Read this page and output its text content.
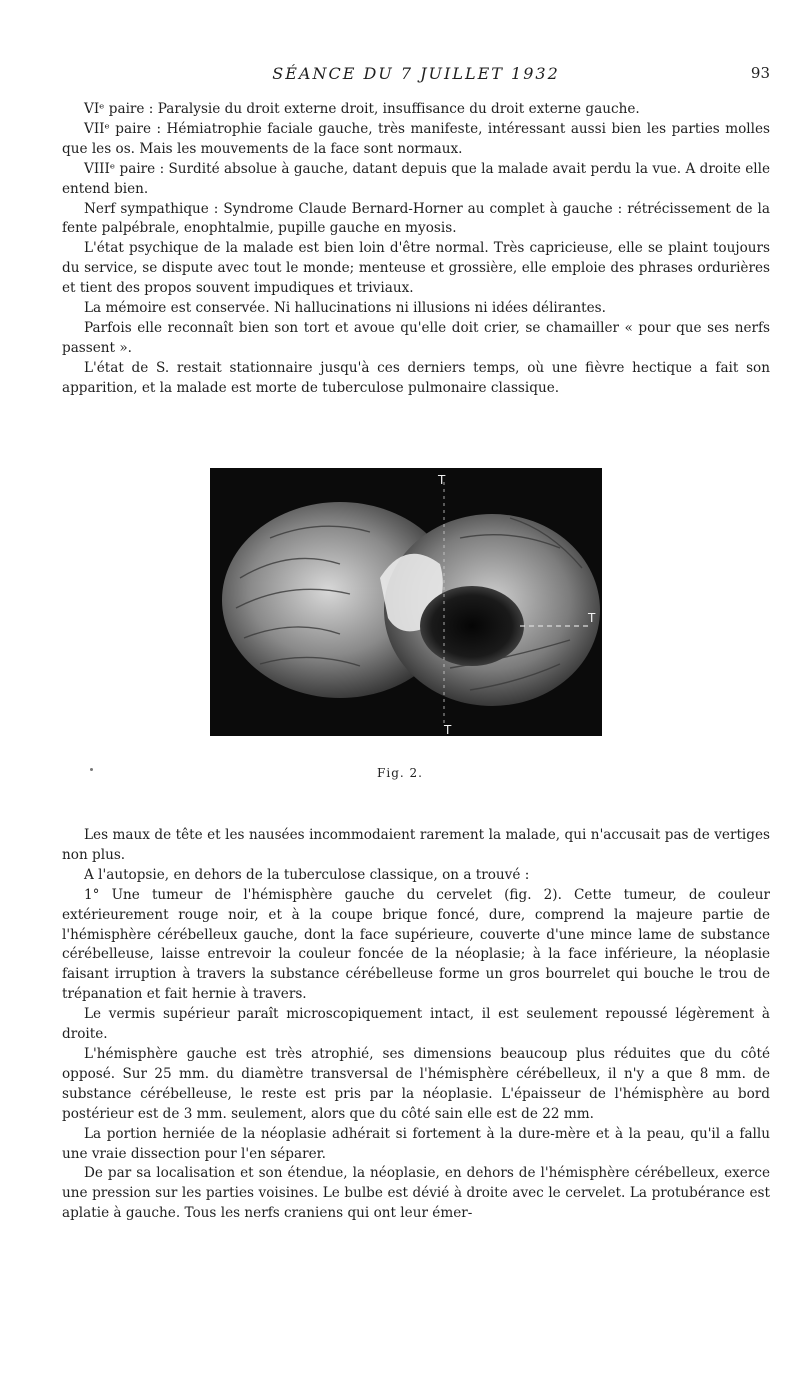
SÉANCE DU 7 JUILLET 1932	93

VIᵉ paire : Paralysie du droit externe droit, insuffisance du droit externe gauche.

VIIᵉ paire : Hémiatrophie faciale gauche, très manifeste, intéressant aussi bien les parties molles que les os. Mais les mouvements de la face sont normaux.

VIIIᵉ paire : Surdité absolue à gauche, datant depuis que la malade avait perdu la vue. A droite elle entend bien.

Nerf sympathique : Syndrome Claude Bernard-Horner au complet à gauche : rétrécissement de la fente palpébrale, enophtalmie, pupille gauche en myosis.

L'état psychique de la malade est bien loin d'être normal. Très capricieuse, elle se plaint toujours du service, se dispute avec tout le monde; menteuse et grossière, elle emploie des phrases ordurières et tient des propos souvent impudiques et triviaux.

La mémoire est conservée. Ni hallucinations ni illusions ni idées délirantes.

Parfois elle reconnaît bien son tort et avoue qu'elle doit crier, se chamailler « pour que ses nerfs passent ».

L'état de S. restait stationnaire jusqu'à ces derniers temps, où une fièvre hectique a fait son apparition, et la malade est morte de tuberculose pulmonaire classique.

T
T
T
Fig. 2.

Les maux de tête et les nausées incommodaient rarement la malade, qui n'accusait pas de vertiges non plus.

A l'autopsie, en dehors de la tuberculose classique, on a trouvé :

1° Une tumeur de l'hémisphère gauche du cervelet (fig. 2). Cette tumeur, de couleur extérieurement rouge noir, et à la coupe brique foncé, dure, comprend la majeure partie de l'hémisphère cérébelleux gauche, dont la face supérieure, couverte d'une mince lame de substance cérébelleuse, laisse entrevoir la couleur foncée de la néoplasie; à la face inférieure, la néoplasie faisant irruption à travers la substance cérébelleuse forme un gros bourrelet qui bouche le trou de trépanation et fait hernie à travers.

Le vermis supérieur paraît microscopiquement intact, il est seulement repoussé légèrement à droite.

L'hémisphère gauche est très atrophié, ses dimensions beaucoup plus réduites que du côté opposé. Sur 25 mm. du diamètre transversal de l'hémisphère cérébelleux, il n'y a que 8 mm. de substance cérébelleuse, le reste est pris par la néoplasie. L'épaisseur de l'hémisphère au bord postérieur est de 3 mm. seulement, alors que du côté sain elle est de 22 mm.

La portion herniée de la néoplasie adhérait si fortement à la dure-mère et à la peau, qu'il a fallu une vraie dissection pour l'en séparer.

De par sa localisation et son étendue, la néoplasie, en dehors de l'hémisphère cérébelleux, exerce une pression sur les parties voisines. Le bulbe est dévié à droite avec le cervelet. La protubérance est aplatie à gauche. Tous les nerfs craniens qui ont leur émer-
